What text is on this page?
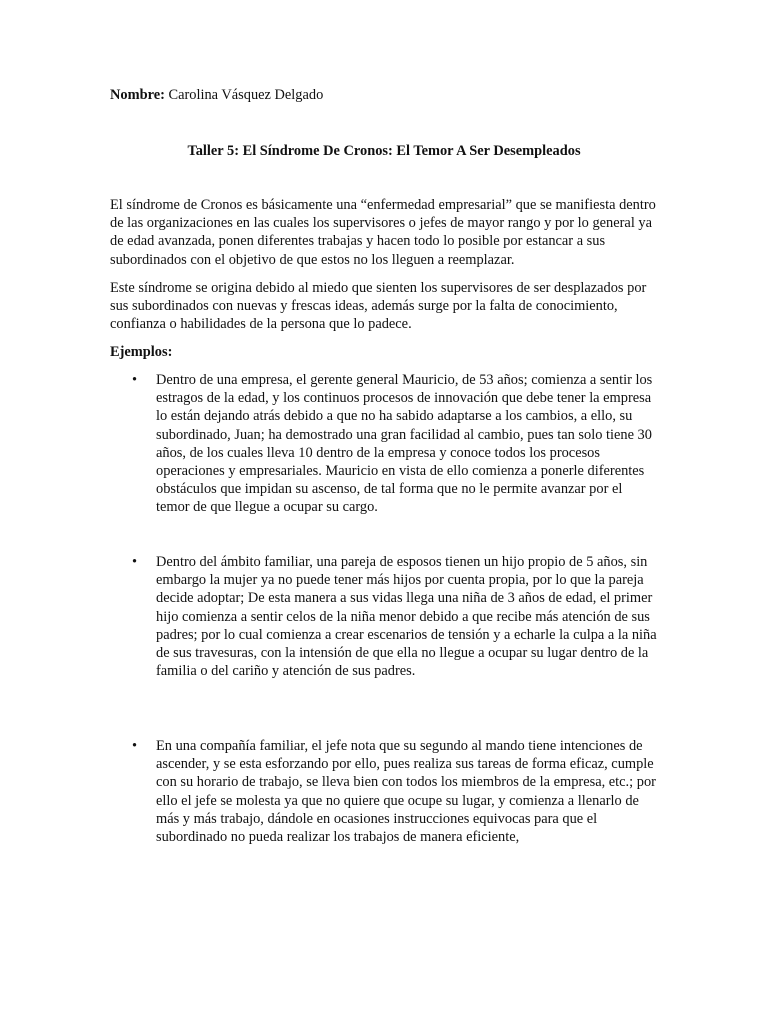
Nombre: Carolina Vásquez Delgado

Taller 5: El Síndrome De Cronos: El Temor A Ser Desempleados

El síndrome de Cronos es básicamente una “enfermedad empresarial” que se manifiesta dentro de las organizaciones en las cuales los supervisores o jefes de mayor rango y por lo general ya de edad avanzada, ponen diferentes trabajas y hacen todo lo posible por estancar a sus subordinados con el objetivo de que estos no los lleguen a reemplazar.

Este síndrome se origina debido al miedo que sienten los supervisores de ser desplazados por sus subordinados con nuevas y frescas ideas, además surge por la falta de conocimiento, confianza o habilidades de la persona que lo padece.

Ejemplos:

•	Dentro de una empresa, el gerente general Mauricio, de 53 años; comienza a sentir los estragos de la edad, y los continuos procesos de innovación que debe tener la empresa lo están dejando atrás debido a que no ha sabido adaptarse a los cambios, a ello, su subordinado, Juan; ha demostrado una gran facilidad al cambio, pues tan solo tiene 30 años, de los cuales lleva 10 dentro de la empresa y conoce todos los procesos operaciones y empresariales. Mauricio en vista de ello comienza a ponerle diferentes obstáculos que impidan su ascenso, de tal forma que no le permite avanzar por el temor de que llegue a ocupar su cargo.
•	Dentro del ámbito familiar, una pareja de esposos tienen un hijo propio de 5 años, sin embargo la mujer ya no puede tener más hijos por cuenta propia, por lo que la pareja decide adoptar; De esta manera a sus vidas llega una niña de 3 años de edad, el primer hijo comienza a sentir celos de la niña menor debido a que recibe más atención de sus padres; por lo cual comienza a crear escenarios de tensión y a echarle la culpa a la niña de sus travesuras, con la intensión de que ella no llegue a ocupar su lugar dentro de la familia o del cariño y atención de sus padres.
•	En una compañía familiar, el jefe nota que su segundo al mando tiene intenciones de ascender, y se esta esforzando por ello, pues realiza sus tareas de forma eficaz, cumple con su horario de trabajo, se lleva bien con todos los miembros de la empresa, etc.; por ello el jefe se molesta ya que no quiere que ocupe su lugar, y comienza a llenarlo de más y más trabajo, dándole en ocasiones instrucciones equivocas para que el subordinado no pueda realizar los trabajos de manera eficiente,
